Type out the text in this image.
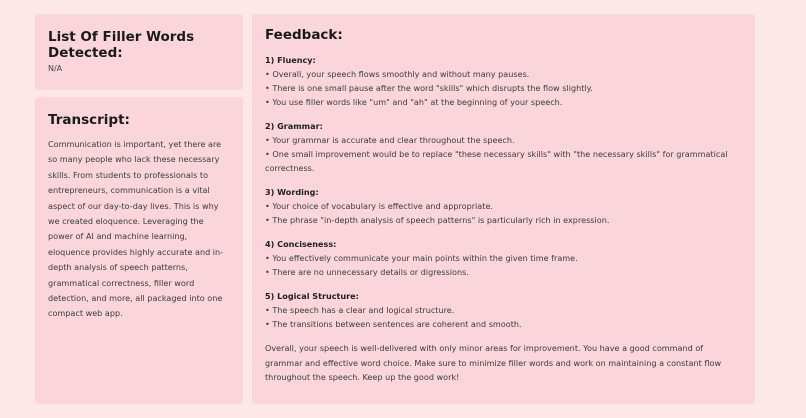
List Of Filler Words Detected:
N/A
Transcript:
Communication is important, yet there are so many people who lack these necessary skills. From students to professionals to entrepreneurs, communication is a vital aspect of our day-to-day lives. This is why we created eloquence. Leveraging the power of AI and machine learning, eloquence provides highly accurate and in-depth analysis of speech patterns, grammatical correctness, filler word detection, and more, all packaged into one compact web app.
Feedback:
1) Fluency:
• Overall, your speech flows smoothly and without many pauses.
• There is one small pause after the word "skills" which disrupts the flow slightly.
• You use filler words like "um" and "ah" at the beginning of your speech.
2) Grammar:
• Your grammar is accurate and clear throughout the speech.
• One small improvement would be to replace "these necessary skills" with "the necessary skills" for grammatical correctness.
3) Wording:
• Your choice of vocabulary is effective and appropriate.
• The phrase "in-depth analysis of speech patterns" is particularly rich in expression.
4) Conciseness:
• You effectively communicate your main points within the given time frame.
• There are no unnecessary details or digressions.
5) Logical Structure:
• The speech has a clear and logical structure.
• The transitions between sentences are coherent and smooth.
Overall, your speech is well-delivered with only minor areas for improvement. You have a good command of grammar and effective word choice. Make sure to minimize filler words and work on maintaining a constant flow throughout the speech. Keep up the good work!
